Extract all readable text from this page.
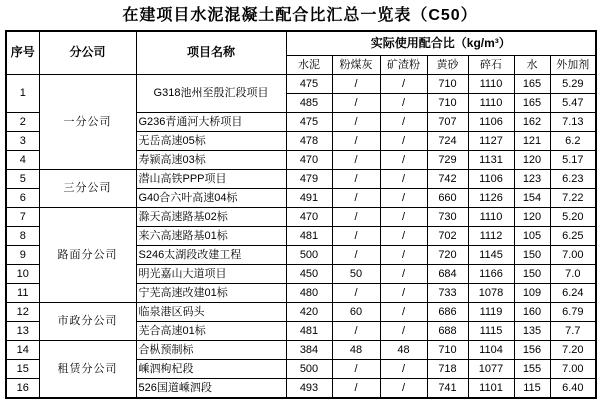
在建项目水泥混凝土配合比汇总一览表（C50）
序号	分公司	项目名称	实际使用配合比（kg/m³）						
			水泥	粉煤灰	矿渣粉	黄砂	碎石	水	外加剂
1	一分公司	G318池州至殷汇段项目	475	/	/	710	1110	165	5.29
			485	/	/	710	1110	165	5.47
2		G236青通河大桥项目	475	/	/	707	1106	162	7.13
3		无岳高速05标	478	/	/	724	1127	121	6.2
4		寿颍高速03标	470	/	/	729	1131	120	5.17
5	三分公司	潜山高铁PPP项目	479	/	/	742	1106	123	6.23
6		G40合六叶高速04标	491	/	/	660	1126	154	7.22
7	路面分公司	滁天高速路基02标	470	/	/	730	1110	120	5.20
8		来六高速路基01标	481	/	/	702	1112	105	6.25
9		S246太湖段改建工程	500	/	/	720	1145	150	7.00
10		明光嘉山大道项目	450	50	/	684	1166	150	7.0
11		宁芜高速改建01标	480	/	/	733	1078	109	6.24
12	市政分公司	临泉港区码头	420	60	/	686	1119	160	6.79
13		芜合高速01标	481	/	/	688	1115	135	7.7
14	租赁分公司	合枞预制标	384	48	48	710	1104	156	7.20
15		嵊泗枸杞段	500	/	/	718	1077	155	7.00
16		526国道嵊泗段	493	/	/	741	1101	115	6.40
